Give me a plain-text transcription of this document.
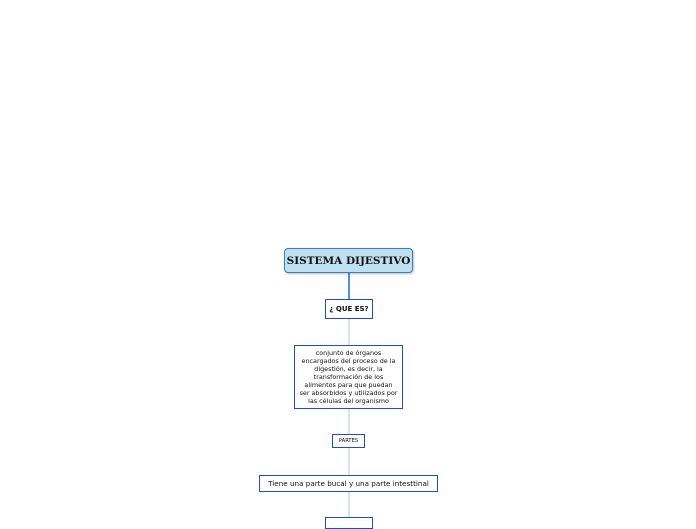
SISTEMA DIJESTIVO
¿ QUE ES?
conjunto de órganos encargados del proceso de la digestión, es decir, la transformación de los alimentos para que puedan ser absorbidos y utilizados por las células del organismo
PARTES
Tiene una parte bucal y una parte intesttinal
